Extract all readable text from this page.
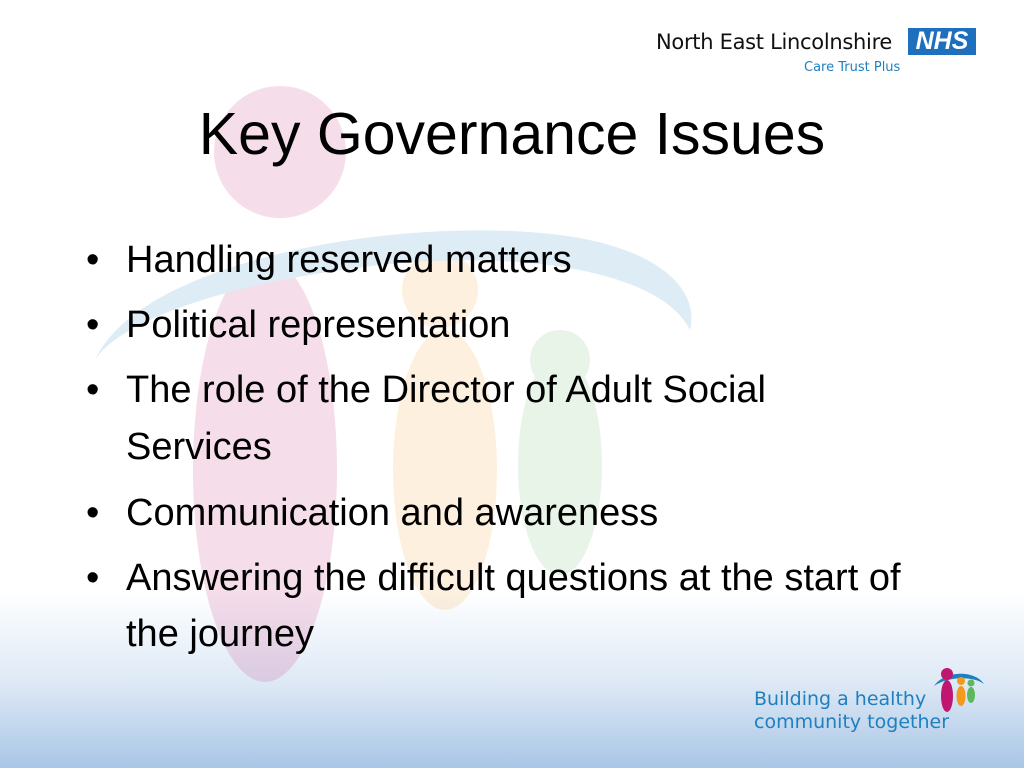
North East Lincolnshire NHS
Care Trust Plus
Key Governance Issues
• Handling reserved matters
• Political representation
• The role of the Director of Adult Social Services
• Communication and awareness
• Answering the difficult questions at the start of the journey
Building a healthy
community together
